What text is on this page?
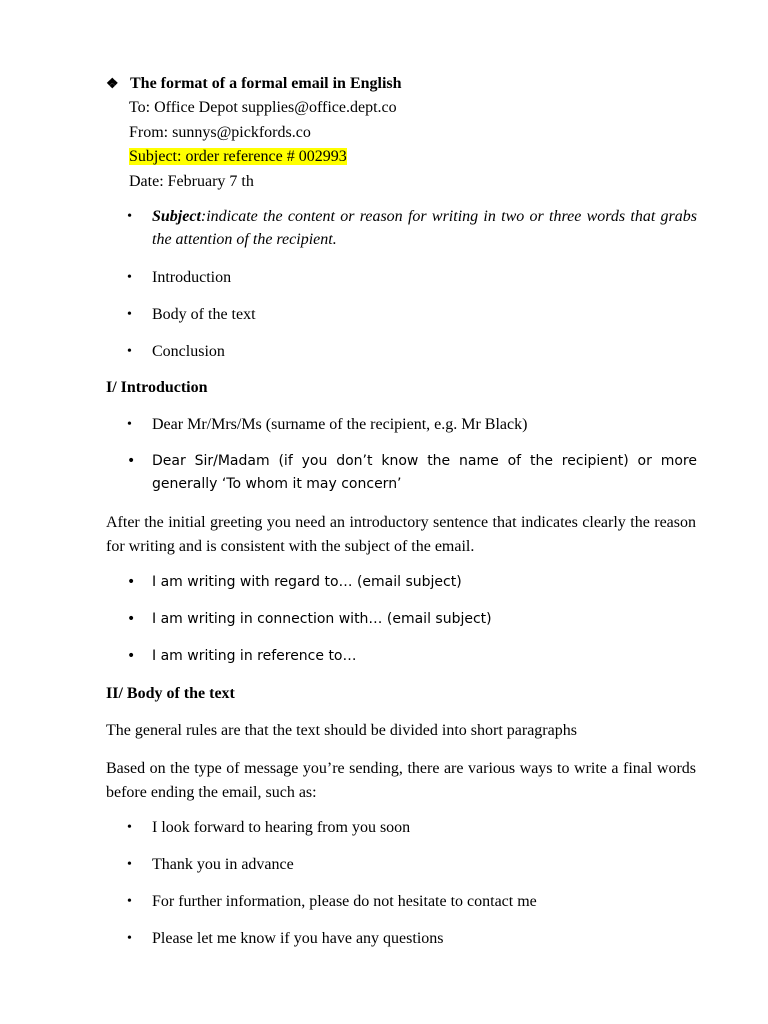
❖ The format of a formal email in English
To: Office Depot supplies@office.dept.co
From: sunnys@pickfords.co
Subject: order reference # 002993
Date: February 7 th
• Subject:indicate the content or reason for writing in two or three words that grabs the attention of the recipient.
• Introduction
• Body of the text
• Conclusion
I/ Introduction
• Dear Mr/Mrs/Ms (surname of the recipient, e.g. Mr Black)
• Dear Sir/Madam (if you don’t know the name of the recipient) or more generally ‘To whom it may concern’
After the initial greeting you need an introductory sentence that indicates clearly the reason for writing and is consistent with the subject of the email.
• I am writing with regard to… (email subject)
• I am writing in connection with… (email subject)
• I am writing in reference to…
II/ Body of the text
The general rules are that the text should be divided into short paragraphs
Based on the type of message you’re sending, there are various ways to write a final words before ending the email, such as:
• I look forward to hearing from you soon
• Thank you in advance
• For further information, please do not hesitate to contact me
• Please let me know if you have any questions
